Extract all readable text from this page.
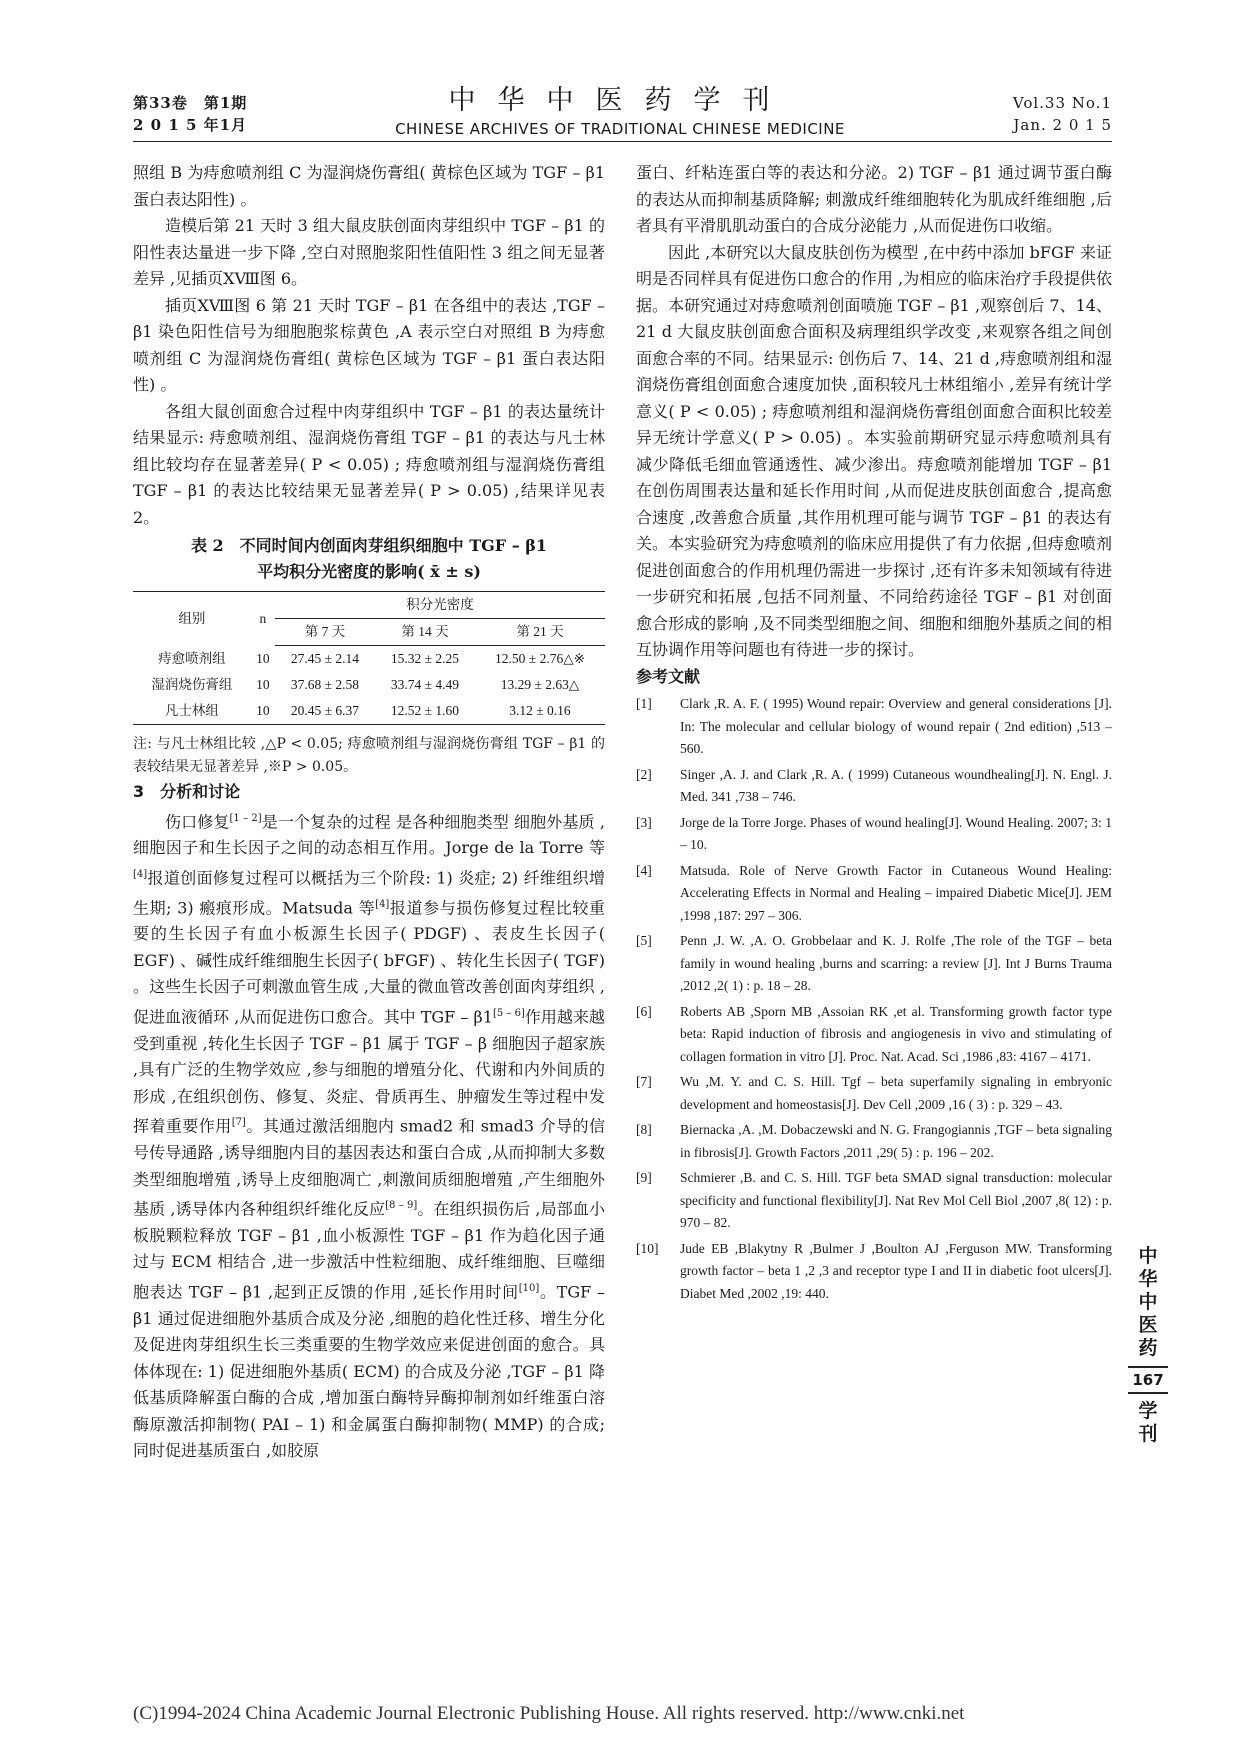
第33卷　第1期
2 0 1 5 年1月
中华中医药学刊
CHINESE ARCHIVES OF TRADITIONAL CHINESE MEDICINE
Vol.33 No.1
Jan. 2 0 1 5

照组 B 为痔愈喷剂组 C 为湿润烧伤膏组( 黄棕色区域为 TGF – β1 蛋白表达阳性) 。

造模后第 21 天时 3 组大鼠皮肤创面肉芽组织中 TGF – β1 的阳性表达量进一步下降 ,空白对照胞浆阳性值阳性 3 组之间无显著差异 ,见插页XⅧ图 6。

插页XⅧ图 6 第 21 天时 TGF – β1 在各组中的表达 ,TGF – β1 染色阳性信号为细胞胞浆棕黄色 ,A 表示空白对照组 B 为痔愈喷剂组 C 为湿润烧伤膏组( 黄棕色区域为 TGF – β1 蛋白表达阳性) 。

各组大鼠创面愈合过程中肉芽组织中 TGF – β1 的表达量统计结果显示: 痔愈喷剂组、湿润烧伤膏组 TGF – β1 的表达与凡士林组比较均存在显著差异( P < 0.05) ; 痔愈喷剂组与湿润烧伤膏组 TGF – β1 的表达比较结果无显著差异( P > 0.05) ,结果详见表2。

表 2　不同时间内创面肉芽组织细胞中 TGF – β1
平均积分光密度的影响( x̄ ± s)
组别	n	积分光密度		
		第 7 天	第 14 天	第 21 天
痔愈喷剂组	10	27.45 ± 2.14	15.32 ± 2.25	12.50 ± 2.76△※
湿润烧伤膏组	10	37.68 ± 2.58	33.74 ± 4.49	13.29 ± 2.63△
凡士林组	10	20.45 ± 6.37	12.52 ± 1.60	3.12 ± 0.16
注: 与凡士林组比较 ,△P < 0.05; 痔愈喷剂组与湿润烧伤膏组 TGF – β1 的表较结果无显著差异 ,※P > 0.05。

3　分析和讨论

伤口修复[1 – 2]是一个复杂的过程 是各种细胞类型 细胞外基质 ,细胞因子和生长因子之间的动态相互作用。Jorge de la Torre 等[4]报道创面修复过程可以概括为三个阶段: 1) 炎症; 2) 纤维组织增生期; 3) 瘢痕形成。Matsuda 等[4]报道参与损伤修复过程比较重要的生长因子有血小板源生长因子( PDGF) 、表皮生长因子( EGF) 、碱性成纤维细胞生长因子( bFGF) 、转化生长因子( TGF) 。这些生长因子可刺激血管生成 ,大量的微血管改善创面肉芽组织 ,促进血液循环 ,从而促进伤口愈合。其中 TGF – β1[5 – 6]作用越来越受到重视 ,转化生长因子 TGF – β1 属于 TGF – β 细胞因子超家族 ,具有广泛的生物学效应 ,参与细胞的增殖分化、代谢和内外间质的形成 ,在组织创伤、修复、炎症、骨质再生、肿瘤发生等过程中发挥着重要作用[7]。其通过激活细胞内 smad2 和 smad3 介导的信号传导通路 ,诱导细胞内目的基因表达和蛋白合成 ,从而抑制大多数类型细胞增殖 ,诱导上皮细胞凋亡 ,刺激间质细胞增殖 ,产生细胞外基质 ,诱导体内各种组织纤维化反应[8 – 9]。在组织损伤后 ,局部血小板脱颗粒释放 TGF – β1 ,血小板源性 TGF – β1 作为趋化因子通过与 ECM 相结合 ,进一步激活中性粒细胞、成纤维细胞、巨噬细胞表达 TGF – β1 ,起到正反馈的作用 ,延长作用时间[10]。TGF – β1 通过促进细胞外基质合成及分泌 ,细胞的趋化性迁移、增生分化及促进肉芽组织生长三类重要的生物学效应来促进创面的愈合。具体体现在: 1) 促进细胞外基质( ECM) 的合成及分泌 ,TGF – β1 降低基质降解蛋白酶的合成 ,增加蛋白酶特异酶抑制剂如纤维蛋白溶酶原激活抑制物( PAI – 1) 和金属蛋白酶抑制物( MMP) 的合成; 同时促进基质蛋白 ,如胶原

蛋白、纤粘连蛋白等的表达和分泌。2) TGF – β1 通过调节蛋白酶的表达从而抑制基质降解; 刺激成纤维细胞转化为肌成纤维细胞 ,后者具有平滑肌肌动蛋白的合成分泌能力 ,从而促进伤口收缩。

因此 ,本研究以大鼠皮肤创伤为模型 ,在中药中添加 bFGF 来证明是否同样具有促进伤口愈合的作用 ,为相应的临床治疗手段提供依据。本研究通过对痔愈喷剂创面喷施 TGF – β1 ,观察创后 7、14、21 d 大鼠皮肤创面愈合面积及病理组织学改变 ,来观察各组之间创面愈合率的不同。结果显示: 创伤后 7、14、21 d ,痔愈喷剂组和湿润烧伤膏组创面愈合速度加快 ,面积较凡士林组缩小 ,差异有统计学意义( P < 0.05) ; 痔愈喷剂组和湿润烧伤膏组创面愈合面积比较差异无统计学意义( P > 0.05) 。本实验前期研究显示痔愈喷剂具有减少降低毛细血管通透性、减少渗出。痔愈喷剂能增加 TGF – β1 在创伤周围表达量和延长作用时间 ,从而促进皮肤创面愈合 ,提高愈合速度 ,改善愈合质量 ,其作用机理可能与调节 TGF – β1 的表达有关。本实验研究为痔愈喷剂的临床应用提供了有力依据 ,但痔愈喷剂促进创面愈合的作用机理仍需进一步探讨 ,还有许多未知领域有待进一步研究和拓展 ,包括不同剂量、不同给药途径 TGF – β1 对创面愈合形成的影响 ,及不同类型细胞之间、细胞和细胞外基质之间的相互协调作用等问题也有待进一步的探讨。

参考文献

[1]	Clark ,R. A. F. ( 1995) Wound repair: Overview and general considerations [J]. In: The molecular and cellular biology of wound repair ( 2nd edition) ,513 – 560.
[2]	Singer ,A. J. and Clark ,R. A. ( 1999) Cutaneous woundhealing[J]. N. Engl. J. Med. 341 ,738 – 746.
[3]	Jorge de la Torre Jorge. Phases of wound healing[J]. Wound Healing. 2007; 3: 1 – 10.
[4]	Matsuda. Role of Nerve Growth Factor in Cutaneous Wound Healing: Accelerating Effects in Normal and Healing – impaired Diabetic Mice[J]. JEM ,1998 ,187: 297 – 306.
[5]	Penn ,J. W. ,A. O. Grobbelaar and K. J. Rolfe ,The role of the TGF – beta family in wound healing ,burns and scarring: a review [J]. Int J Burns Trauma ,2012 ,2( 1) : p. 18 – 28.
[6]	Roberts AB ,Sporn MB ,Assoian RK ,et al. Transforming growth factor type beta: Rapid induction of fibrosis and angiogenesis in vivo and stimulating of collagen formation in vitro [J]. Proc. Nat. Acad. Sci ,1986 ,83: 4167 – 4171.
[7]	Wu ,M. Y. and C. S. Hill. Tgf – beta superfamily signaling in embryonic development and homeostasis[J]. Dev Cell ,2009 ,16 ( 3) : p. 329 – 43.
[8]	Biernacka ,A. ,M. Dobaczewski and N. G. Frangogiannis ,TGF – beta signaling in fibrosis[J]. Growth Factors ,2011 ,29( 5) : p. 196 – 202.
[9]	Schmierer ,B. and C. S. Hill. TGF beta SMAD signal transduction: molecular specificity and functional flexibility[J]. Nat Rev Mol Cell Biol ,2007 ,8( 12) : p. 970 – 82.
[10]	Jude EB ,Blakytny R ,Bulmer J ,Boulton AJ ,Ferguson MW. Transforming growth factor – beta 1 ,2 ,3 and receptor type I and II in diabetic foot ulcers[J]. Diabet Med ,2002 ,19: 440.
中
华
中
医
药
167
学
刊
(C)1994-2024 China Academic Journal Electronic Publishing House. All rights reserved. http://www.cnki.net
